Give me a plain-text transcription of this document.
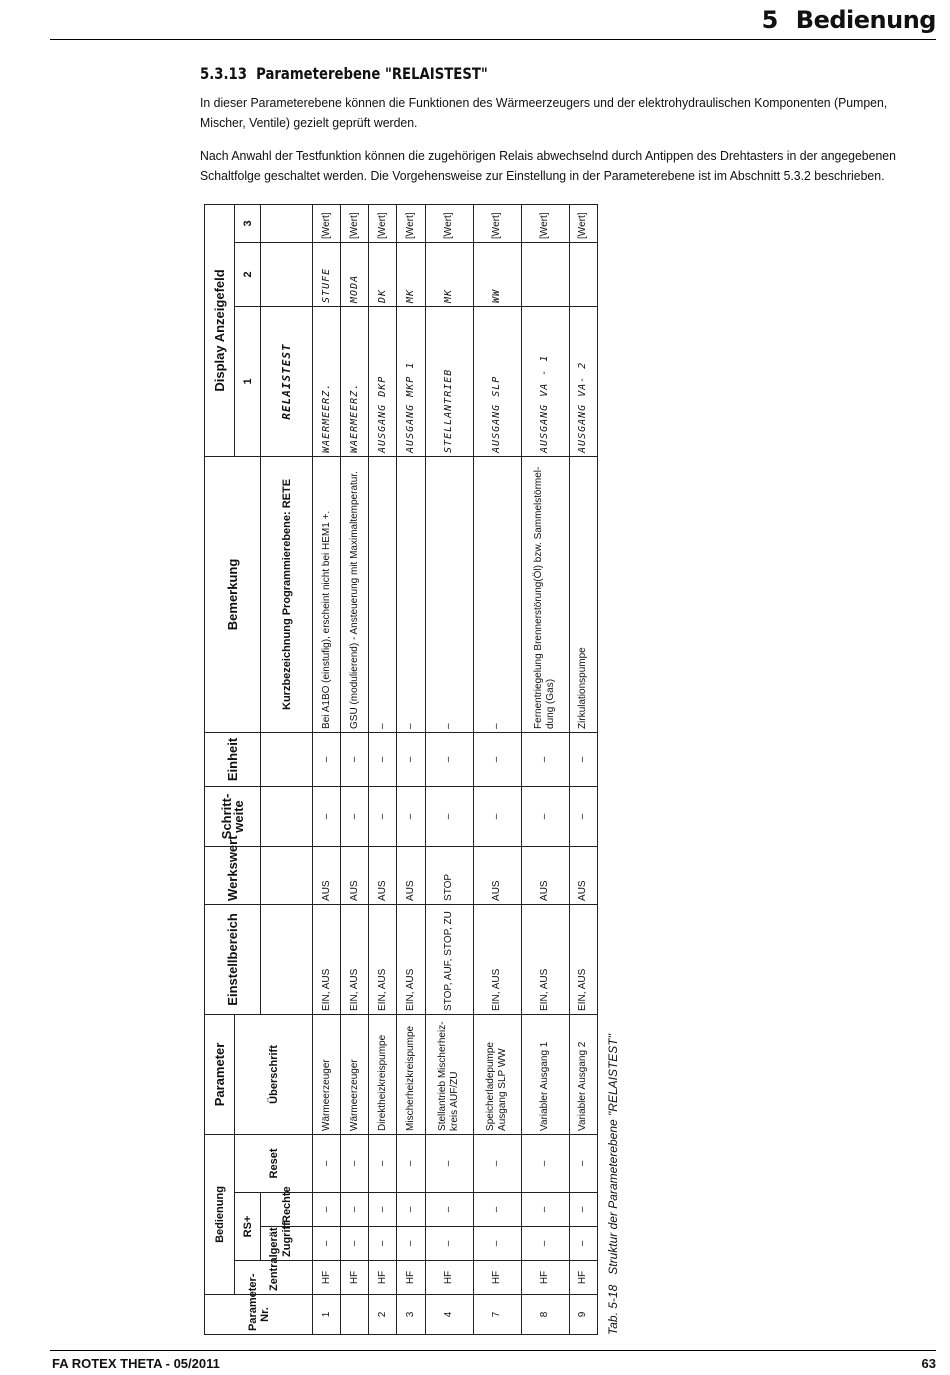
5 Bedienung
5.3.13 Parameterebene "RELAISTEST"
In dieser Parameterebene können die Funktionen des Wärmeerzeugers und der elektrohydraulischen Komponenten (Pumpen, Mischer, Ventile) gezielt geprüft werden.
Nach Anwahl der Testfunktion können die zugehörigen Relais abwechselnd durch Antippen des Drehtasters in der angegebenen Schaltfolge geschaltet werden. Die Vorgehensweise zur Einstellung in der Parameterebene ist im Abschnitt 5.3.2 beschrieben.
Parameter-Nr.	Bedienung				Parameter	Einstellbereich	Werkswert	Schritt-weite	Einheit	Bemerkung	Display Anzeigefeld		
	Zentralgerät	RS+		Reset	Überschrift						1	2	3
		Zugriff	Rechte							Kurzbezeichnung Programmierebene: RETE	RELAISTEST		
1	HF	–	–	–	Wärmeerzeuger	EIN, AUS	AUS	–	–	Bei A1BO (einstufig), erscheint nicht bei HEM1 +.	WAERMEERZ.	STUFE	[Wert]
	HF	–	–	–	Wärmeerzeuger	EIN, AUS	AUS	–	–	GSU (modulierend) - Ansteuerung mit Maximaltemperatur.	WAERMEERZ.	MODA	[Wert]
2	HF	–	–	–	Direktheizkreispumpe	EIN, AUS	AUS	–	–	–	AUSGANG DKP	DK	[Wert]
3	HF	–	–	–	Mischerheizkreispumpe	EIN, AUS	AUS	–	–	–	AUSGANG MKP 1	MK	[Wert]
4	HF	–	–	–	Stellantrieb Mischerheiz-kreis AUF/ZU	STOP, AUF, STOP, ZU	STOP	–	–	–	STELLANTRIEB	MK	[Wert]
7	HF	–	–	–	Speicherladepumpe Ausgang SLP WW	EIN, AUS	AUS	–	–	–	AUSGANG SLP	WW	[Wert]
8	HF	–	–	–	Variabler Ausgang 1	EIN, AUS	AUS	–	–	Fernentriegelung Brennerstörung(Öl) bzw. Sammelstörmel-dung (Gas)	AUSGANG VA - 1		[Wert]
9	HF	–	–	–	Variabler Ausgang 2	EIN, AUS	AUS	–	–	Zirkulationspumpe	AUSGANG VA- 2		[Wert]
Tab. 5-18Struktur der Parameterebene "RELAISTEST"
FA ROTEX THETA - 05/2011	63
